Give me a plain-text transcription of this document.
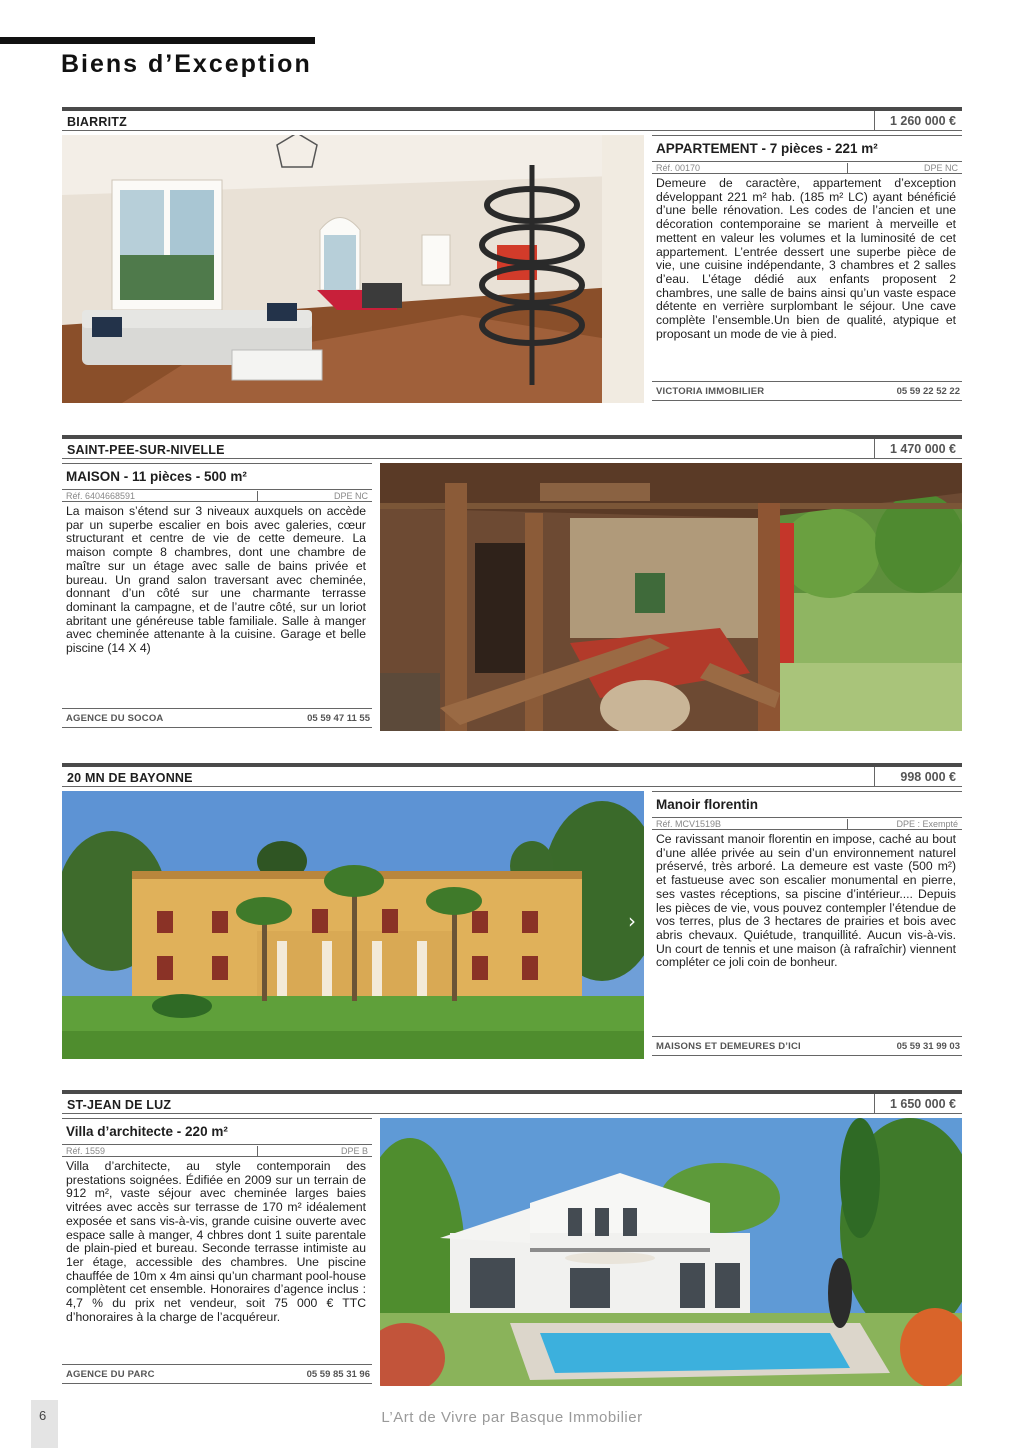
Biens d’Exception
BIARRITZ	1 260 000 €
APPARTEMENT - 7 pièces - 221 m²
Réf. 00170	DPE NC

Demeure de caractère, appartement d’exception développant 221 m² hab. (185 m² LC) ayant bénéficié d’une belle rénovation. Les codes de l’ancien et une décoration contemporaine se marient à merveille et mettent en valeur les volumes et la luminosité de cet appartement. L’entrée dessert une superbe pièce de vie, une cuisine indépendante, 3 chambres et 2 salles d’eau. L’étage dédié aux enfants proposent 2 chambres, une salle de bains ainsi qu’un vaste espace détente en verrière surplombant le séjour. Une cave complète l’ensemble.Un bien de qualité, atypique et proposant un mode de vie à pied.

VICTORIA IMMOBILIER	05 59 22 52 22
SAINT-PEE-SUR-NIVELLE	1 470 000 €
MAISON - 11 pièces - 500 m²
Réf. 6404668591	DPE NC

La maison s’étend sur 3 niveaux auxquels on accède par un superbe escalier en bois avec galeries, cœur structurant et centre de vie de cette demeure. La maison compte 8 chambres, dont une chambre de maître sur un étage avec salle de bains privée et bureau. Un grand salon traversant avec cheminée, donnant d’un côté sur une charmante terrasse dominant la campagne, et de l’autre côté, sur un loriot abritant une généreuse table familiale. Salle à manger avec cheminée attenante à la cuisine. Garage et belle piscine (14 X 4)

AGENCE DU SOCOA	05 59 47 11 55
20 MN DE BAYONNE	998 000 €
›
Manoir florentin
Réf. MCV1519B	DPE : Exempté

Ce ravissant manoir florentin en impose, caché au bout d’une allée privée au sein d’un environnement naturel préservé, très arboré. La demeure est vaste (500 m²) et fastueuse avec son escalier monumental en pierre, ses vastes réceptions, sa piscine d’intérieur.... Depuis les pièces de vie, vous pouvez contempler l’étendue de vos terres, plus de 3 hectares de prairies et bois avec abris chevaux. Quiétude, tranquillité. Aucun vis-à-vis. Un court de tennis et une maison (à rafraîchir) viennent compléter ce joli coin de bonheur.

MAISONS ET DEMEURES D’ICI	05 59 31 99 03
ST-JEAN DE LUZ	1 650 000 €
Villa d’architecte - 220 m²
Réf. 1559	DPE B

Villa d’architecte, au style contemporain des prestations soignées. Édifiée en 2009 sur un terrain de 912 m², vaste séjour avec cheminée larges baies vitrées avec accès sur terrasse de 170 m² idéalement exposée et sans vis-à-vis, grande cuisine ouverte avec espace salle à manger, 4 chbres dont 1 suite parentale de plain-pied et bureau. Seconde terrasse intimiste au 1er étage, accessible des chambres. Une piscine chauffée de 10m x 4m ainsi qu’un charmant pool-house complètent cet ensemble. Honoraires d’agence inclus : 4,7 % du prix net vendeur, soit 75 000 € TTC d’honoraires à la charge de l’acquéreur.

AGENCE DU PARC	05 59 85 31 96
6	L’Art de Vivre par Basque Immobilier
